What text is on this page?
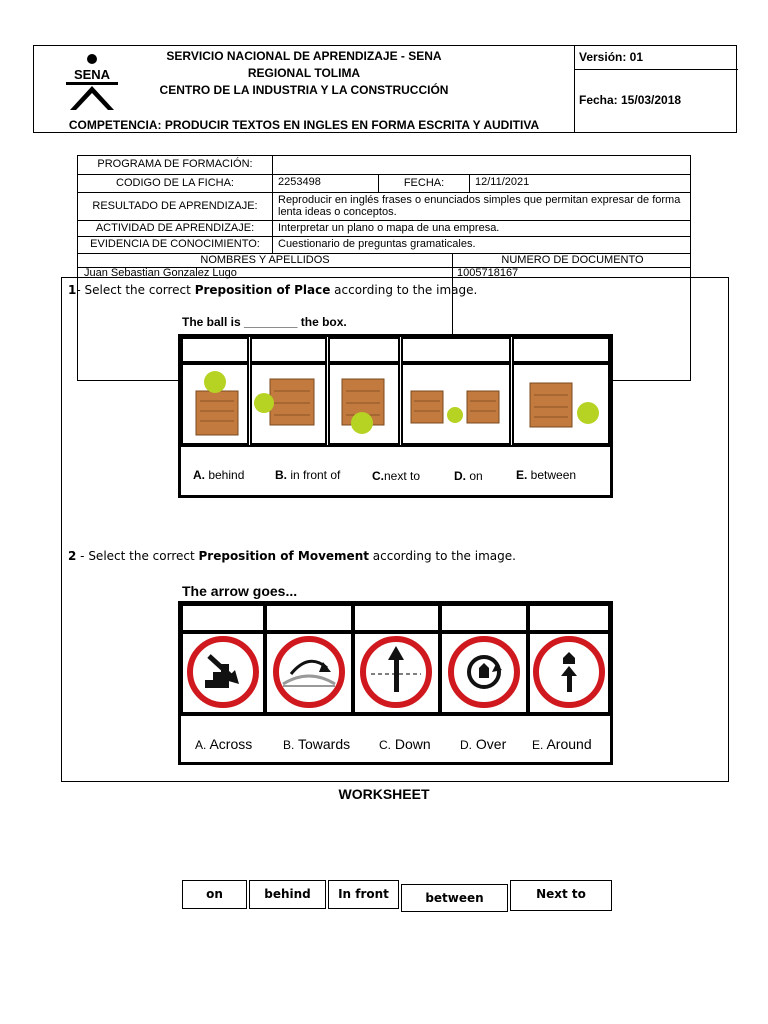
SENA
SERVICIO NACIONAL DE APRENDIZAJE - SENA
REGIONAL TOLIMA
CENTRO DE LA INDUSTRIA Y LA CONSTRUCCIÓN
COMPETENCIA: PRODUCIR TEXTOS EN INGLES EN FORMA ESCRITA Y AUDITIVA
Versión: 01
Fecha: 15/03/2018
PROGRAMA DE FORMACIÓN:
CODIGO DE LA FICHA:	2253498	FECHA:	12/11/2021
RESULTADO DE APRENDIZAJE:	Reproducir en inglés frases o enunciados simples que permitan expresar de forma lenta ideas o conceptos.
ACTIVIDAD DE APRENDIZAJE:	Interpretar un plano o mapa de una empresa.
EVIDENCIA DE CONOCIMIENTO:	Cuestionario de preguntas gramaticales.
NOMBRES Y APELLIDOS	NUMERO DE DOCUMENTO
Juan Sebastian Gonzalez Lugo	1005718167
1- Select the correct Preposition of Place according to the image.
The ball is ________ the box.
A. behind	B. in front of	C.next to	D. on	E. between
2 - Select the correct Preposition of Movement according to the image.
The arrow goes...
A. Across	B. Towards C. Down D. Over E. Around
WORKSHEET
on	behind	In front	between	Next to
